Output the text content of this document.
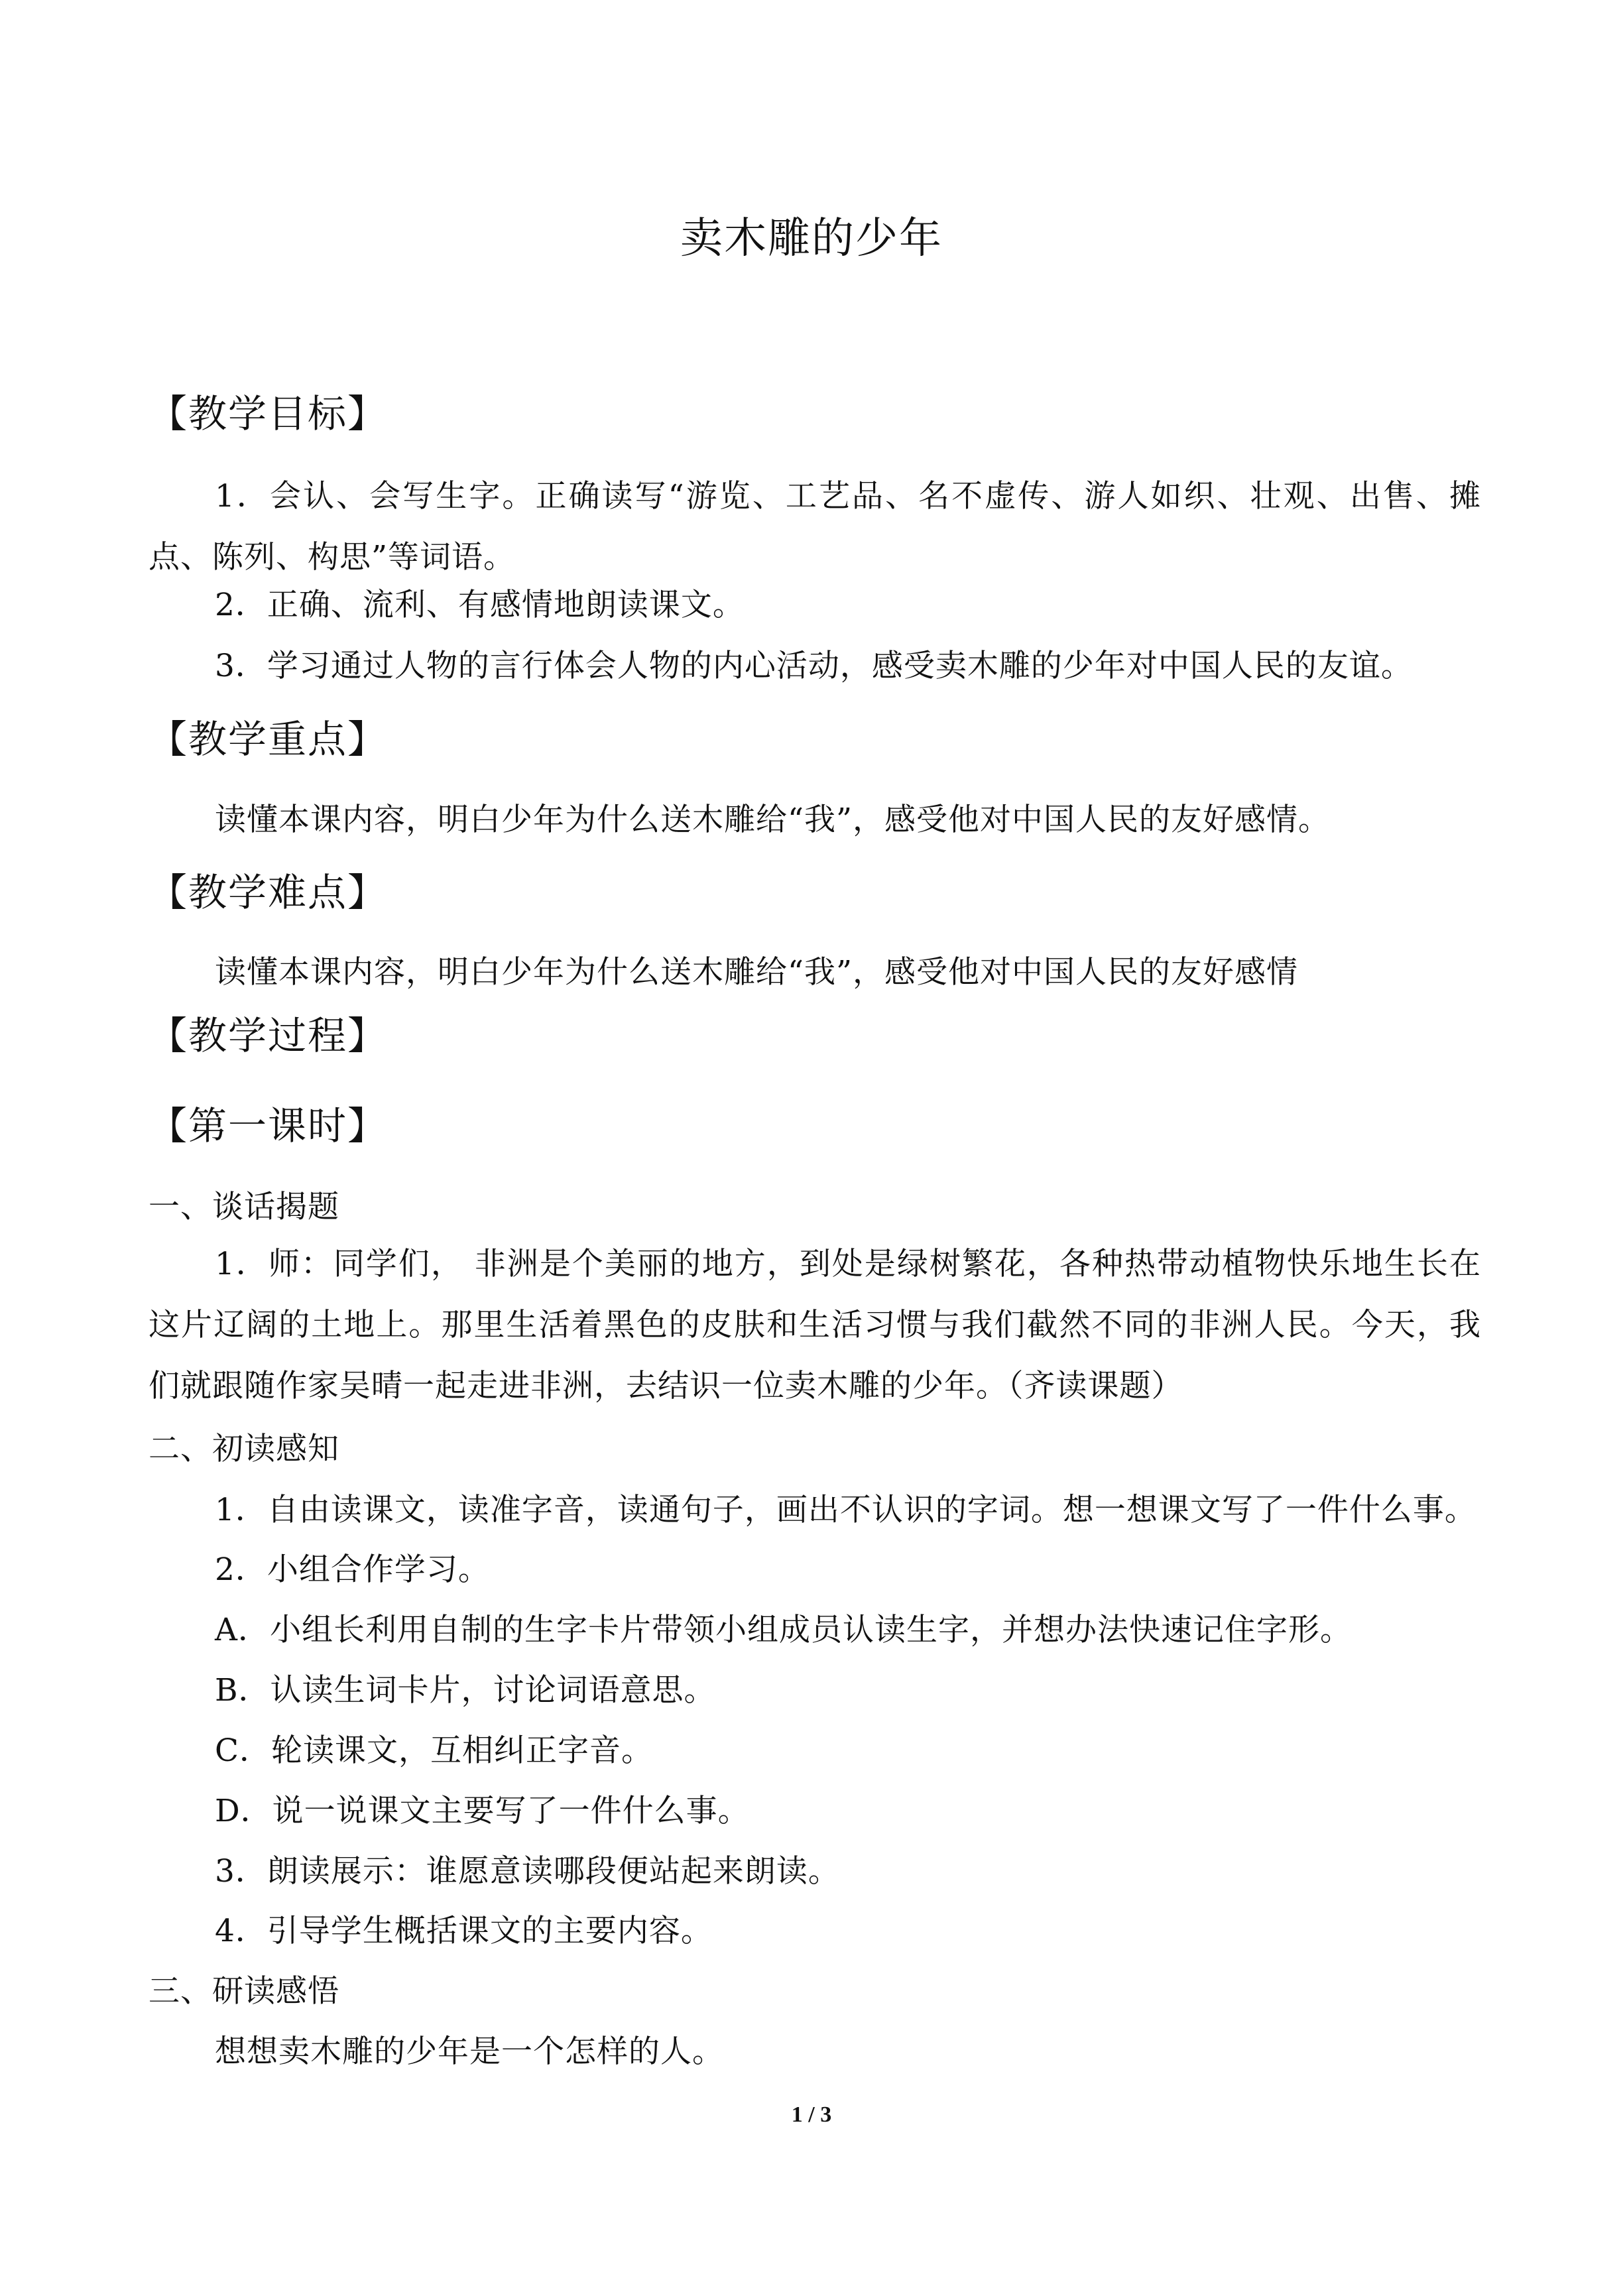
卖木雕的少年
【教学目标】
1．会认、会写生字。正确读写“游览、工艺品、名不虚传、游人如织、壮观、出售、摊点、陈列、构思”等词语。
2．正确、流利、有感情地朗读课文。
3．学习通过人物的言行体会人物的内心活动，感受卖木雕的少年对中国人民的友谊。
【教学重点】
读懂本课内容，明白少年为什么送木雕给“我”，感受他对中国人民的友好感情。
【教学难点】
读懂本课内容，明白少年为什么送木雕给“我”，感受他对中国人民的友好感情
【教学过程】
【第一课时】
一、谈话揭题
1．师：同学们， 非洲是个美丽的地方，到处是绿树繁花，各种热带动植物快乐地生长在这片辽阔的土地上。那里生活着黑色的皮肤和生活习惯与我们截然不同的非洲人民。今天，我们就跟随作家吴晴一起走进非洲，去结识一位卖木雕的少年。（齐读课题）
二、初读感知
1．自由读课文，读准字音，读通句子，画出不认识的字词。想一想课文写了一件什么事。
2．小组合作学习。
A．小组长利用自制的生字卡片带领小组成员认读生字，并想办法快速记住字形。
B．认读生词卡片，讨论词语意思。
C．轮读课文，互相纠正字音。
D．说一说课文主要写了一件什么事。
3．朗读展示：谁愿意读哪段便站起来朗读。
4．引导学生概括课文的主要内容。
三、研读感悟
想想卖木雕的少年是一个怎样的人。
1 / 3
